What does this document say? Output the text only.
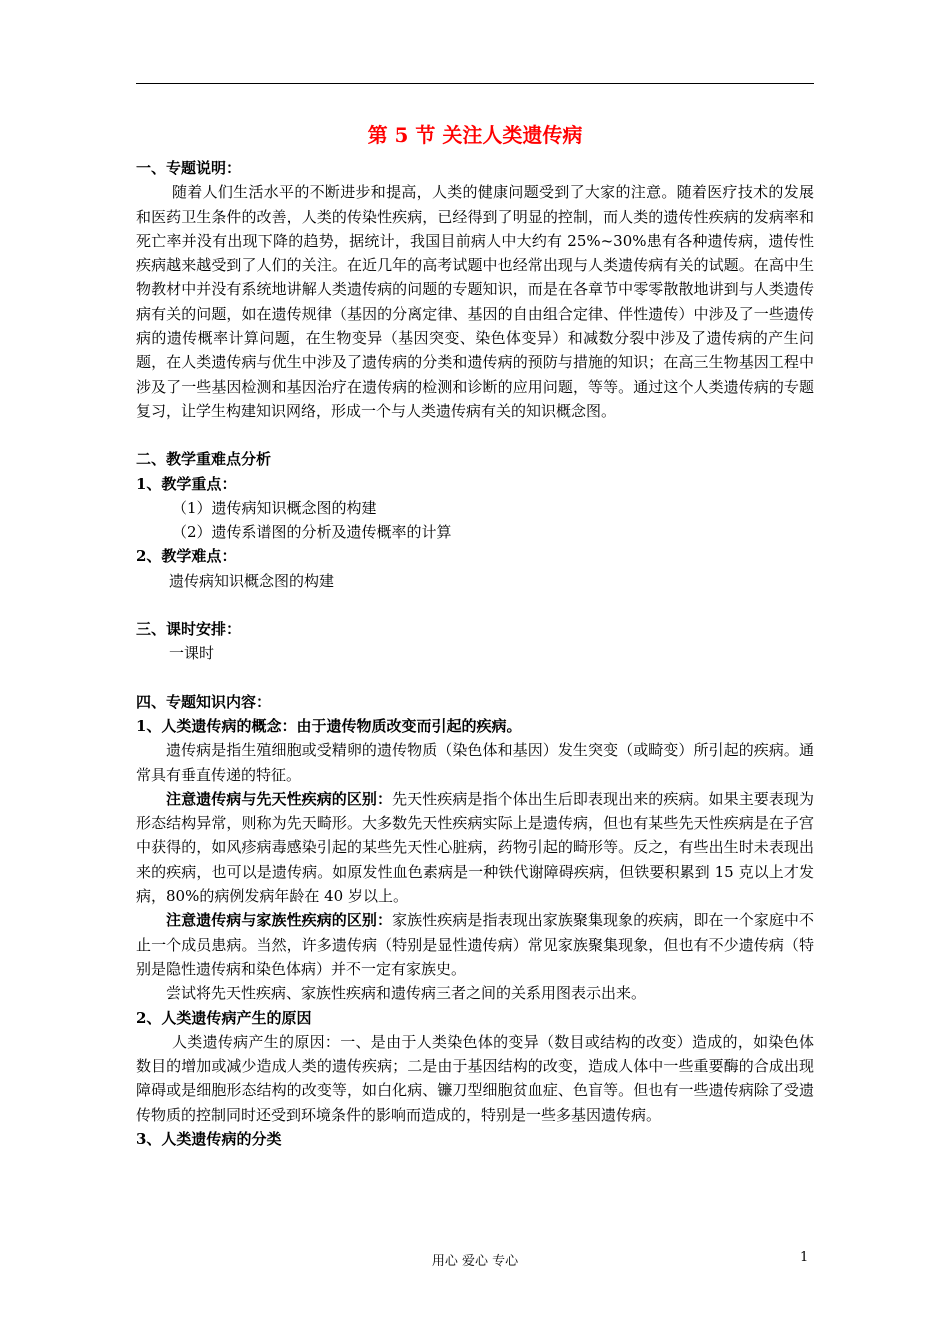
第 5 节 关注人类遗传病

一、专题说明：

随着人们生活水平的不断进步和提高，人类的健康问题受到了大家的注意。随着医疗技术的发展和医药卫生条件的改善，人类的传染性疾病，已经得到了明显的控制，而人类的遗传性疾病的发病率和死亡率并没有出现下降的趋势，据统计，我国目前病人中大约有 25%~30%患有各种遗传病，遗传性疾病越来越受到了人们的关注。在近几年的高考试题中也经常出现与人类遗传病有关的试题。在高中生物教材中并没有系统地讲解人类遗传病的问题的专题知识，而是在各章节中零零散散地讲到与人类遗传病有关的问题，如在遗传规律（基因的分离定律、基因的自由组合定律、伴性遗传）中涉及了一些遗传病的遗传概率计算问题，在生物变异（基因突变、染色体变异）和减数分裂中涉及了遗传病的产生问题，在人类遗传病与优生中涉及了遗传病的分类和遗传病的预防与措施的知识；在高三生物基因工程中涉及了一些基因检测和基因治疗在遗传病的检测和诊断的应用问题，等等。通过这个人类遗传病的专题复习，让学生构建知识网络，形成一个与人类遗传病有关的知识概念图。

二、教学重难点分析

1、教学重点：

（1）遗传病知识概念图的构建

（2）遗传系谱图的分析及遗传概率的计算

2、教学难点：

遗传病知识概念图的构建

三、课时安排：

一课时

四、专题知识内容：

1、人类遗传病的概念：由于遗传物质改变而引起的疾病。

遗传病是指生殖细胞或受精卵的遗传物质（染色体和基因）发生突变（或畸变）所引起的疾病。通常具有垂直传递的特征。

注意遗传病与先天性疾病的区别：先天性疾病是指个体出生后即表现出来的疾病。如果主要表现为形态结构异常，则称为先天畸形。大多数先天性疾病实际上是遗传病，但也有某些先天性疾病是在子宫中获得的，如风疹病毒感染引起的某些先天性心脏病，药物引起的畸形等。反之，有些出生时未表现出来的疾病，也可以是遗传病。如原发性血色素病是一种铁代谢障碍疾病，但铁要积累到 15 克以上才发病，80%的病例发病年龄在 40 岁以上。

注意遗传病与家族性疾病的区别：家族性疾病是指表现出家族聚集现象的疾病，即在一个家庭中不止一个成员患病。当然，许多遗传病（特别是显性遗传病）常见家族聚集现象，但也有不少遗传病（特别是隐性遗传病和染色体病）并不一定有家族史。

尝试将先天性疾病、家族性疾病和遗传病三者之间的关系用图表示出来。

2、人类遗传病产生的原因

人类遗传病产生的原因：一、是由于人类染色体的变异（数目或结构的改变）造成的，如染色体数目的增加或减少造成人类的遗传疾病；二是由于基因结构的改变，造成人体中一些重要酶的合成出现障碍或是细胞形态结构的改变等，如白化病、镰刀型细胞贫血症、色盲等。但也有一些遗传病除了受遗传物质的控制同时还受到环境条件的影响而造成的，特别是一些多基因遗传病。

3、人类遗传病的分类

用心 爱心 专心	1
